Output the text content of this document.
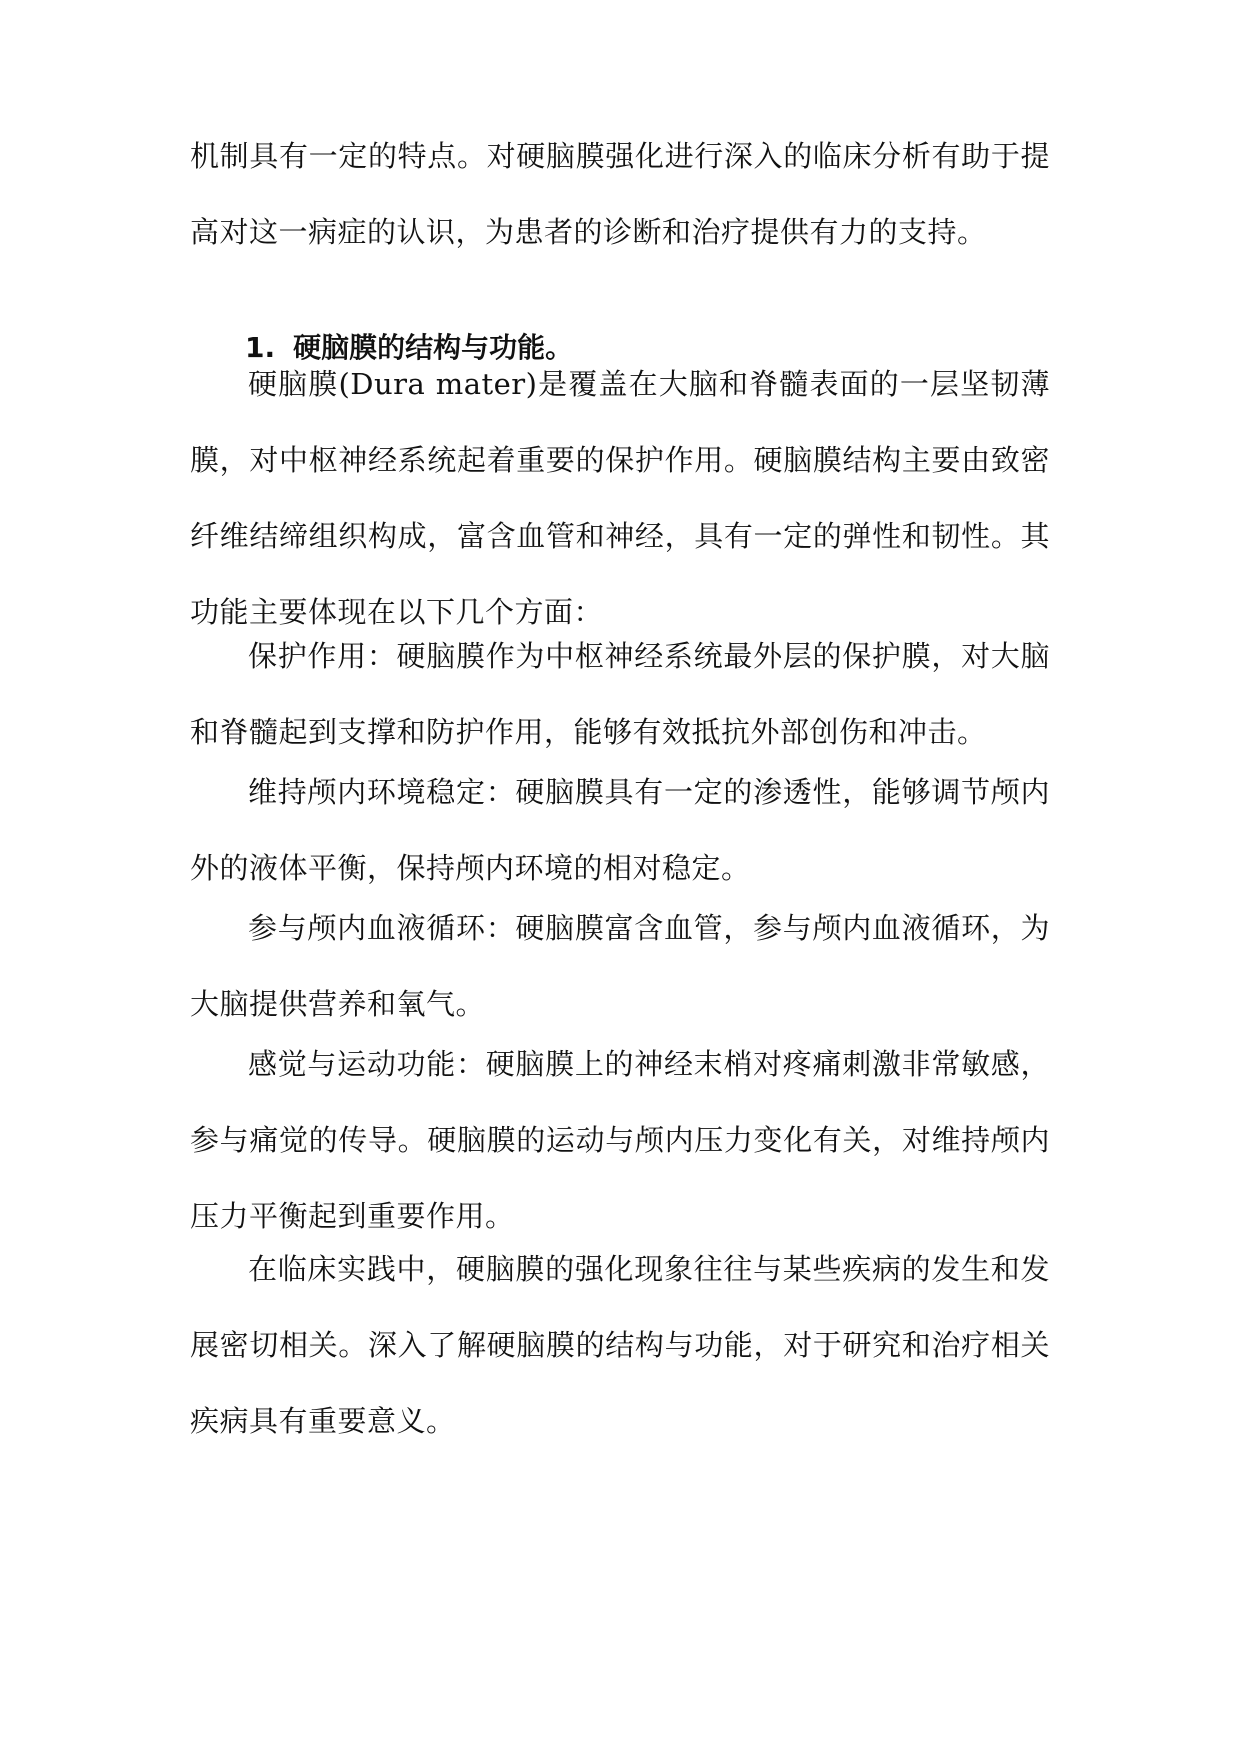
机制具有一定的特点。对硬脑膜强化进行深入的临床分析有助于提高对这一病症的认识，为患者的诊断和治疗提供有力的支持。

1. 硬脑膜的结构与功能。

硬脑膜(Dura mater)是覆盖在大脑和脊髓表面的一层坚韧薄膜，对中枢神经系统起着重要的保护作用。硬脑膜结构主要由致密纤维结缔组织构成，富含血管和神经，具有一定的弹性和韧性。其功能主要体现在以下几个方面：

保护作用：硬脑膜作为中枢神经系统最外层的保护膜，对大脑和脊髓起到支撑和防护作用，能够有效抵抗外部创伤和冲击。

维持颅内环境稳定：硬脑膜具有一定的渗透性，能够调节颅内外的液体平衡，保持颅内环境的相对稳定。

参与颅内血液循环：硬脑膜富含血管，参与颅内血液循环，为大脑提供营养和氧气。

感觉与运动功能：硬脑膜上的神经末梢对疼痛刺激非常敏感，参与痛觉的传导。硬脑膜的运动与颅内压力变化有关，对维持颅内压力平衡起到重要作用。

在临床实践中，硬脑膜的强化现象往往与某些疾病的发生和发展密切相关。深入了解硬脑膜的结构与功能，对于研究和治疗相关疾病具有重要意义。
